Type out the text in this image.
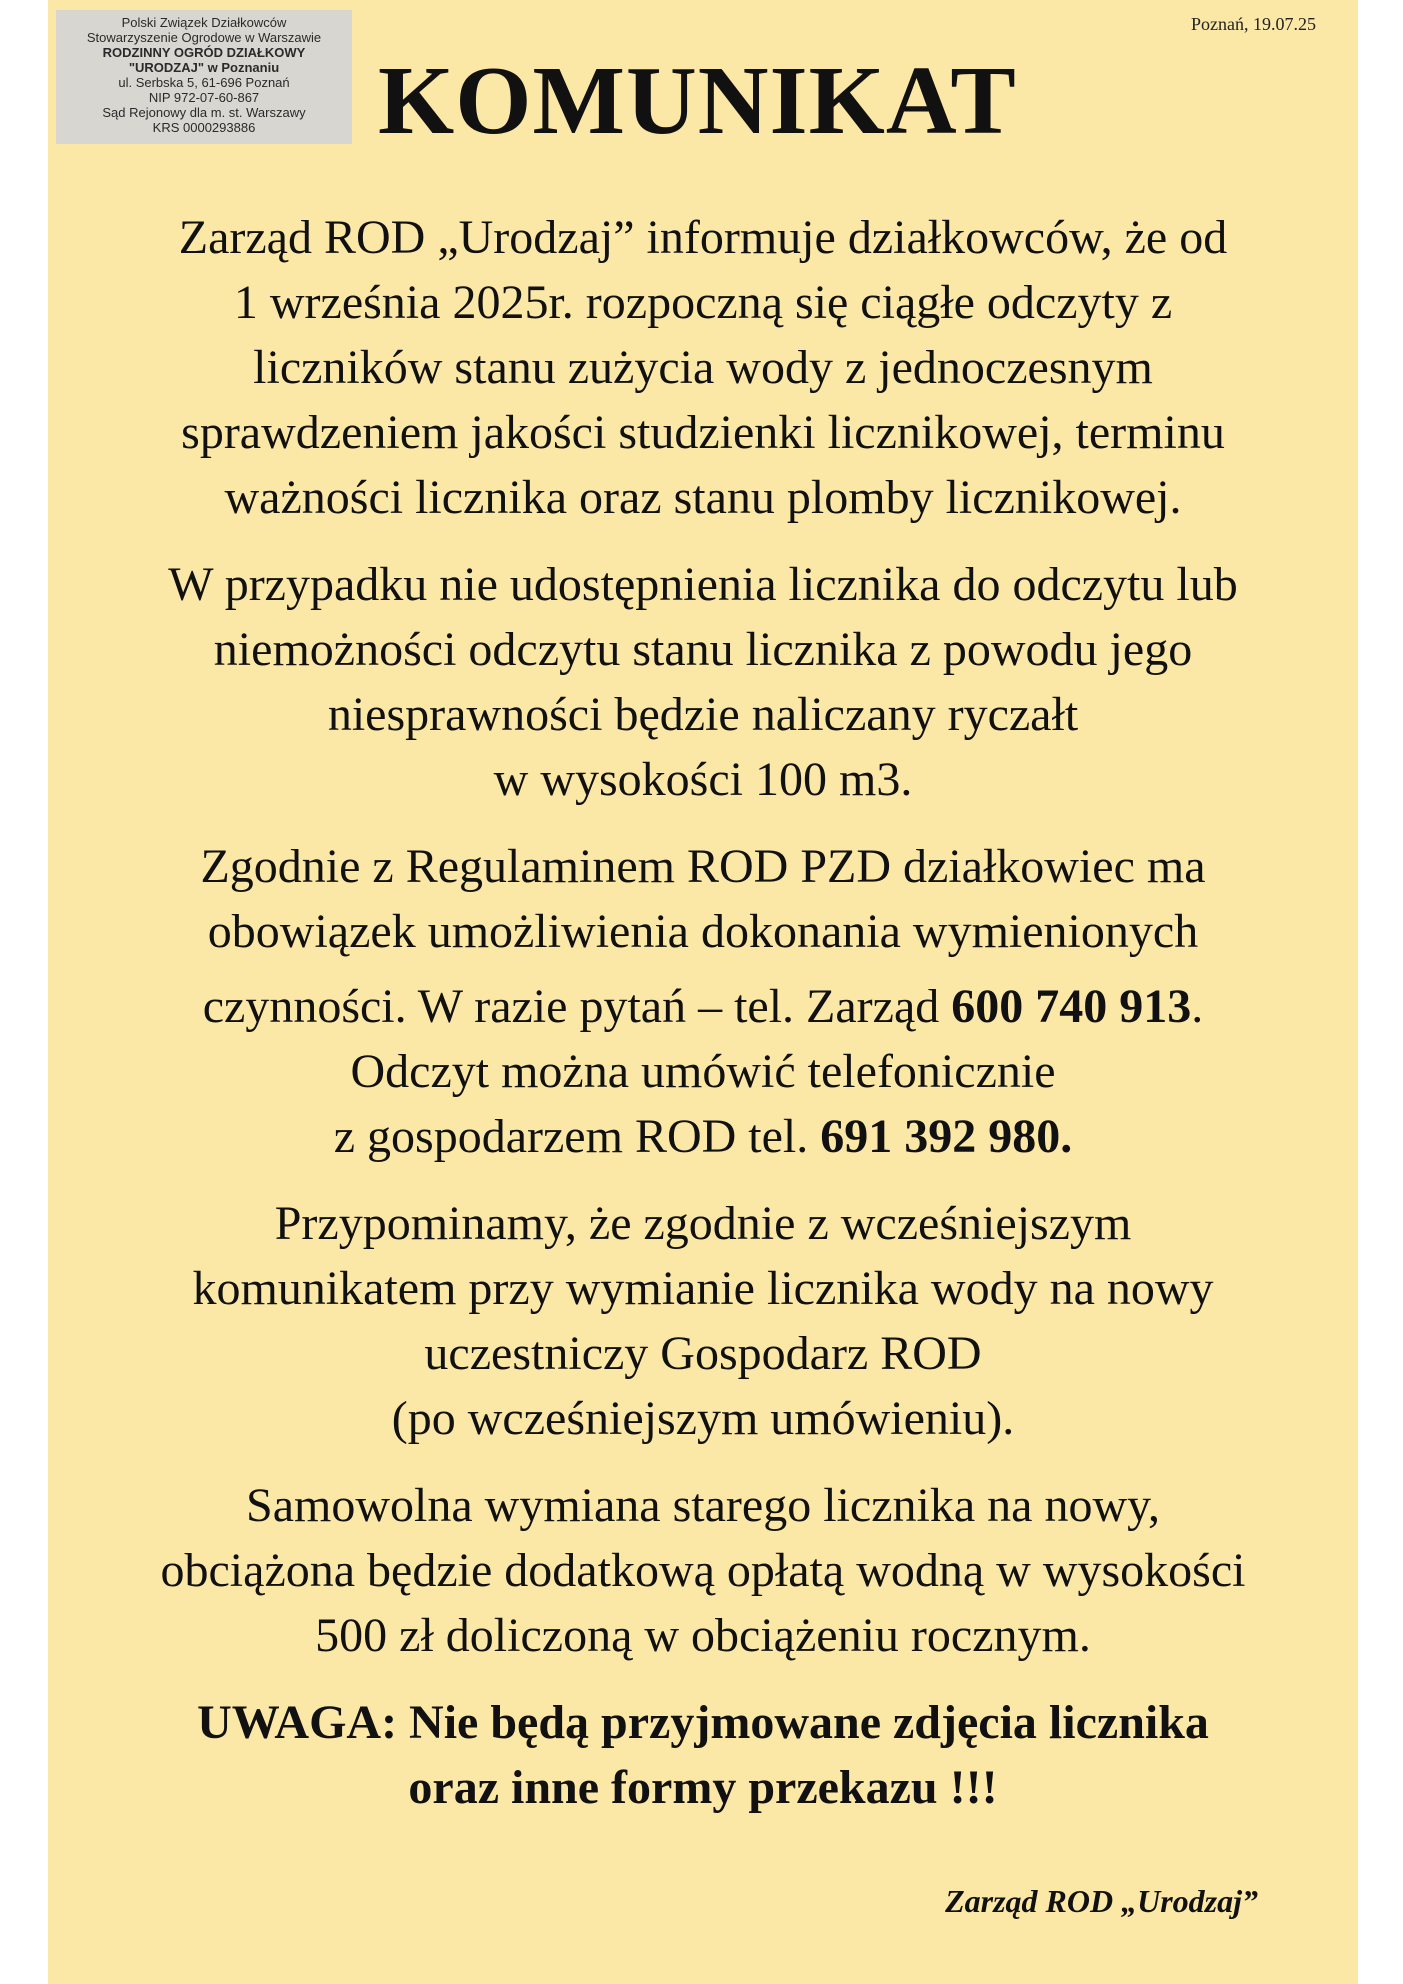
Polski Związek Działkowców
Stowarzyszenie Ogrodowe w Warszawie
RODZINNY OGRÓD DZIAŁKOWY
"URODZAJ" w Poznaniu
ul. Serbska 5, 61-696 Poznań
NIP 972-07-60-867
Sąd Rejonowy dla m. st. Warszawy
KRS 0000293886
Poznań, 19.07.25
KOMUNIKAT

Zarząd ROD „Urodzaj” informuje działkowców, że od
1 września 2025r. rozpoczną się ciągłe odczyty z
liczników stanu zużycia wody z jednoczesnym
sprawdzeniem jakości studzienki licznikowej, terminu
ważności licznika oraz stanu plomby licznikowej.

W przypadku nie udostępnienia licznika do odczytu lub
niemożności odczytu stanu licznika z powodu jego
niesprawności będzie naliczany ryczałt
w wysokości 100 m3.

Zgodnie z Regulaminem ROD PZD działkowiec ma
obowiązek umożliwienia dokonania wymienionych
czynności. W razie pytań – tel. Zarząd 600 740 913.
Odczyt można umówić telefonicznie
z gospodarzem ROD tel. 691 392 980.

Przypominamy, że zgodnie z wcześniejszym
komunikatem przy wymianie licznika wody na nowy
uczestniczy Gospodarz ROD
(po wcześniejszym umówieniu).

Samowolna wymiana starego licznika na nowy,
obciążona będzie dodatkową opłatą wodną w wysokości
500 zł doliczoną w obciążeniu rocznym.

UWAGA: Nie będą przyjmowane zdjęcia licznika
oraz inne formy przekazu !!!

Zarząd ROD „Urodzaj”
